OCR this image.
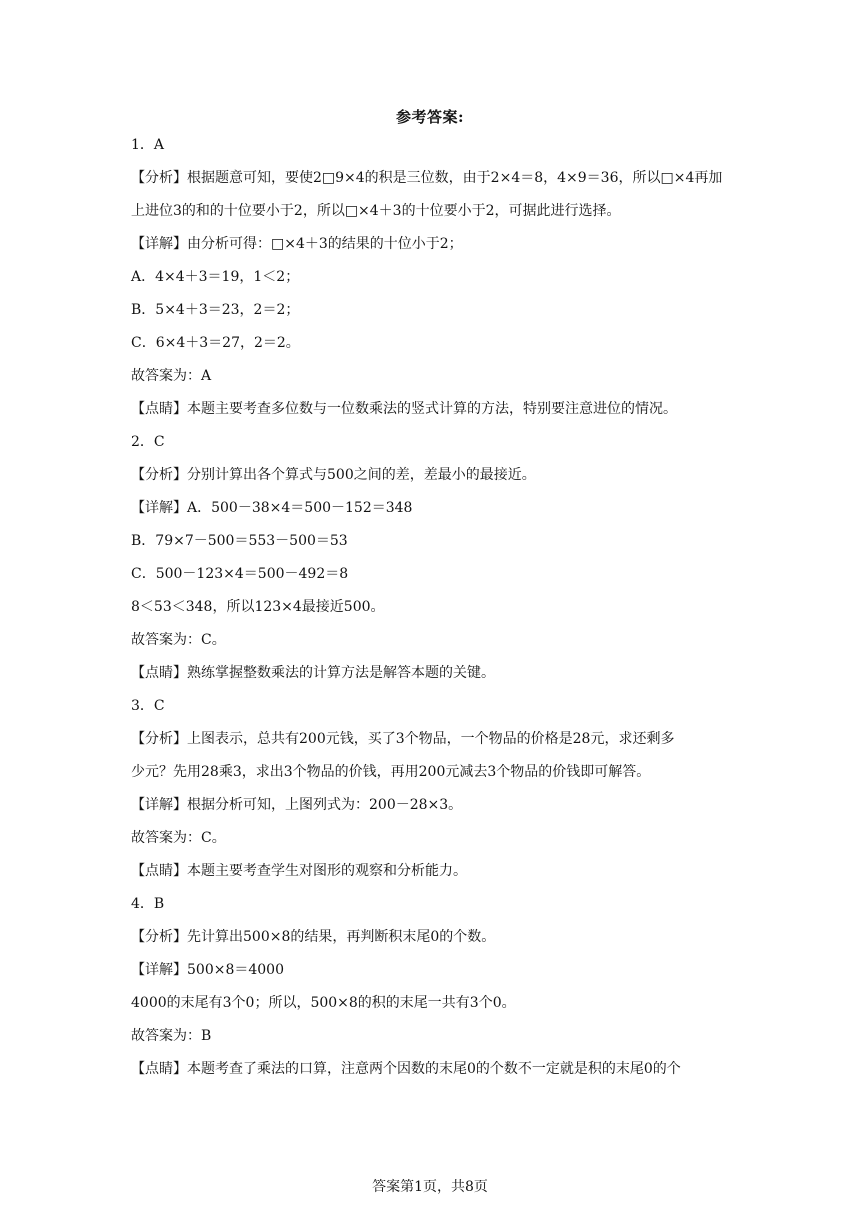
参考答案:

1．A

【分析】根据题意可知，要使2□9×4的积是三位数，由于2×4＝8，4×9＝36，所以□×4再加

上进位3的和的十位要小于2，所以□×4＋3的十位要小于2，可据此进行选择。

【详解】由分析可得：□×4＋3的结果的十位小于2；

A．4×4＋3＝19，1＜2；

B．5×4＋3＝23，2＝2；

C．6×4＋3＝27，2＝2。

故答案为：A

【点睛】本题主要考查多位数与一位数乘法的竖式计算的方法，特别要注意进位的情况。

2．C

【分析】分别计算出各个算式与500之间的差，差最小的最接近。

【详解】A．500－38×4＝500－152＝348

B．79×7－500＝553－500＝53

C．500－123×4＝500－492＝8

8＜53＜348，所以123×4最接近500。

故答案为：C。

【点睛】熟练掌握整数乘法的计算方法是解答本题的关键。

3．C

【分析】上图表示，总共有200元钱，买了3个物品，一个物品的价格是28元，求还剩多

少元？先用28乘3，求出3个物品的价钱，再用200元减去3个物品的价钱即可解答。

【详解】根据分析可知，上图列式为：200－28×3。

故答案为：C。

【点睛】本题主要考查学生对图形的观察和分析能力。

4．B

【分析】先计算出500×8的结果，再判断积末尾0的个数。

【详解】500×8＝4000

4000的末尾有3个0；所以，500×8的积的末尾一共有3个0。

故答案为：B

【点睛】本题考查了乘法的口算，注意两个因数的末尾0的个数不一定就是积的末尾0的个

答案第1页，共8页
